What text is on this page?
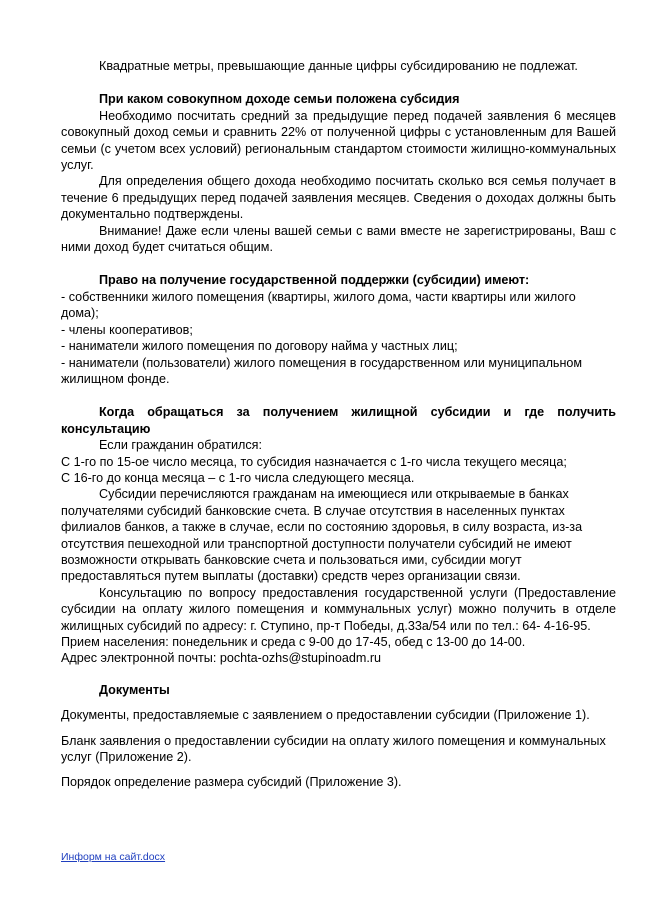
Квадратные метры, превышающие данные цифры субсидированию не подлежат.

При каком совокупном доходе семьи положена субсидия

Необходимо посчитать средний за предыдущие перед подачей заявления 6 месяцев совокупный доход семьи и сравнить 22% от полученной цифры с установленным для Вашей семьи (с учетом всех условий) региональным стандартом стоимости жилищно-коммунальных услуг.

Для определения общего дохода необходимо посчитать сколько вся семья получает в течение 6 предыдущих перед подачей заявления месяцев. Сведения о доходах должны быть документально подтверждены.

Внимание! Даже если члены вашей семьи с вами вместе не зарегистрированы, Ваш с ними доход будет считаться общим.

Право на получение государственной поддержки (субсидии) имеют:

- собственники жилого помещения (квартиры, жилого дома, части квартиры или жилого дома);

- члены кооперативов;

- наниматели жилого помещения по договору найма у частных лиц;

- наниматели (пользователи) жилого помещения в государственном или муниципальном жилищном фонде.

Когда обращаться за получением жилищной субсидии и где получить консультацию

Если гражданин обратился:

С 1-го по 15-ое число месяца, то субсидия назначается с 1-го числа текущего месяца;

С 16-го до конца месяца – с 1-го числа следующего месяца.

Субсидии перечисляются гражданам на имеющиеся или открываемые в банках получателями субсидий банковские счета. В случае отсутствия в населенных пунктах филиалов банков, а также в случае, если по состоянию здоровья, в силу возраста, из-за отсутствия пешеходной или транспортной доступности получатели субсидий не имеют возможности открывать банковские счета и пользоваться ими, субсидии могут предоставляться путем выплаты (доставки) средств через организации связи.

Консультацию по вопросу предоставления государственной услуги (Предоставление субсидии на оплату жилого помещения и коммунальных услуг) можно получить в отделе жилищных субсидий по адресу: г. Ступино, пр-т Победы, д.33а/54 или по тел.: 64- 4-16-95.

Прием населения: понедельник и среда с 9-00 до 17-45, обед с 13-00 до 14-00.

Адрес электронной почты: pochta-ozhs@stupinoadm.ru

Документы

Документы, предоставляемые с заявлением о предоставлении субсидии (Приложение 1).

Бланк заявления о предоставлении субсидии на оплату жилого помещения и коммунальных услуг (Приложение 2).

Порядок определение размера субсидий (Приложение 3).

Информ на сайт.docx
